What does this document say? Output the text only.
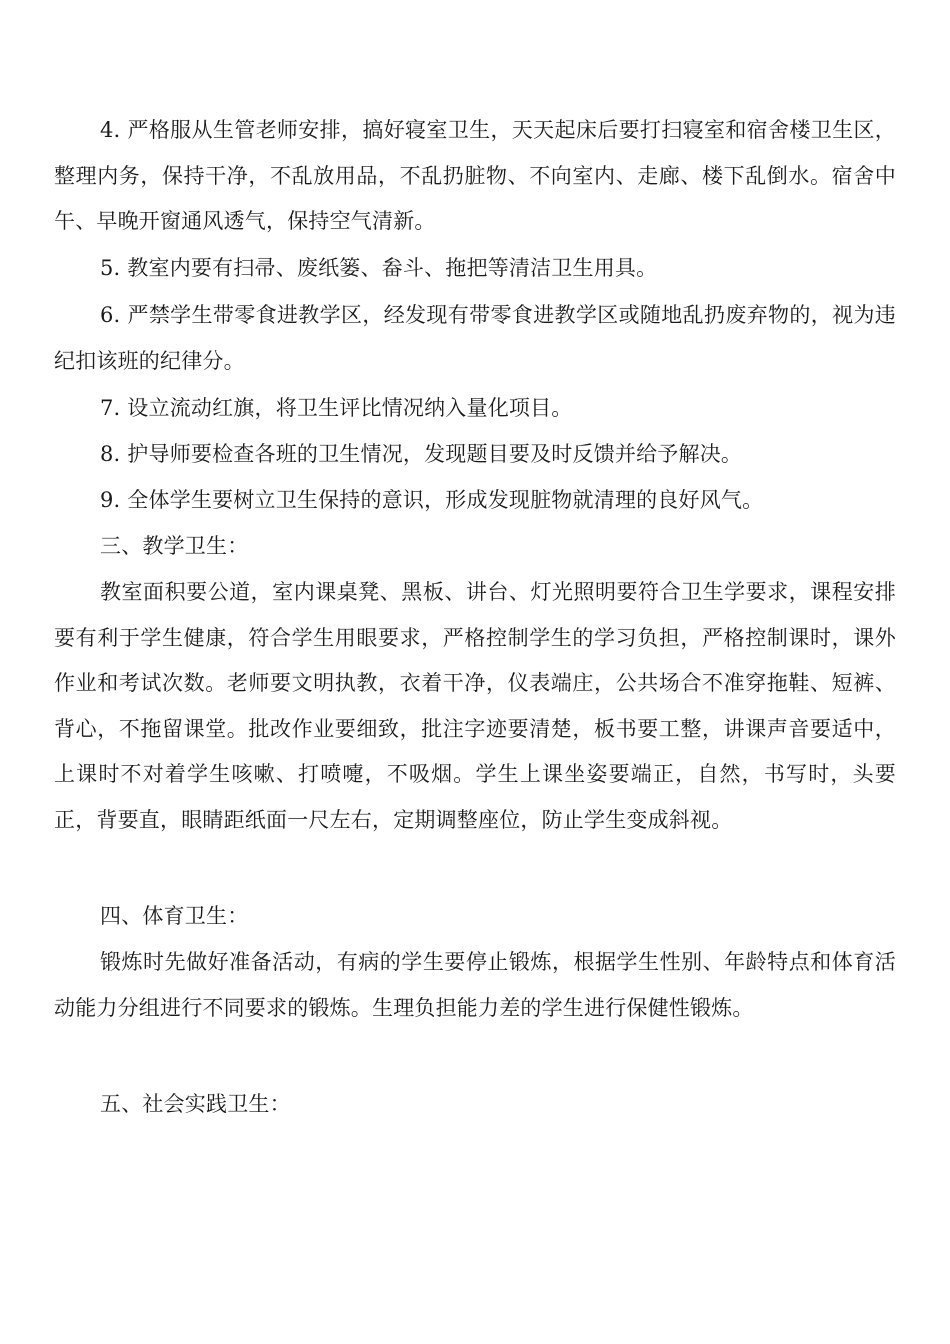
4. 严格服从生管老师安排，搞好寝室卫生，天天起床后要打扫寝室和宿舍楼卫生区，整理内务，保持干净，不乱放用品，不乱扔脏物、不向室内、走廊、楼下乱倒水。宿舍中午、早晚开窗通风透气，保持空气清新。

5. 教室内要有扫帚、废纸篓、畚斗、拖把等清洁卫生用具。

6. 严禁学生带零食进教学区，经发现有带零食进教学区或随地乱扔废弃物的，视为违纪扣该班的纪律分。

7. 设立流动红旗，将卫生评比情况纳入量化项目。

8. 护导师要检查各班的卫生情况，发现题目要及时反馈并给予解决。

9. 全体学生要树立卫生保持的意识，形成发现脏物就清理的良好风气。

三、教学卫生：

教室面积要公道，室内课桌凳、黑板、讲台、灯光照明要符合卫生学要求，课程安排要有利于学生健康，符合学生用眼要求，严格控制学生的学习负担，严格控制课时，课外作业和考试次数。老师要文明执教，衣着干净，仪表端庄，公共场合不准穿拖鞋、短裤、背心，不拖留课堂。批改作业要细致，批注字迹要清楚，板书要工整，讲课声音要适中，上课时不对着学生咳嗽、打喷嚏，不吸烟。学生上课坐姿要端正，自然，书写时，头要正，背要直，眼睛距纸面一尺左右，定期调整座位，防止学生变成斜视。

四、体育卫生：

锻炼时先做好准备活动，有病的学生要停止锻炼，根据学生性别、年龄特点和体育活动能力分组进行不同要求的锻炼。生理负担能力差的学生进行保健性锻炼。

五、社会实践卫生：
